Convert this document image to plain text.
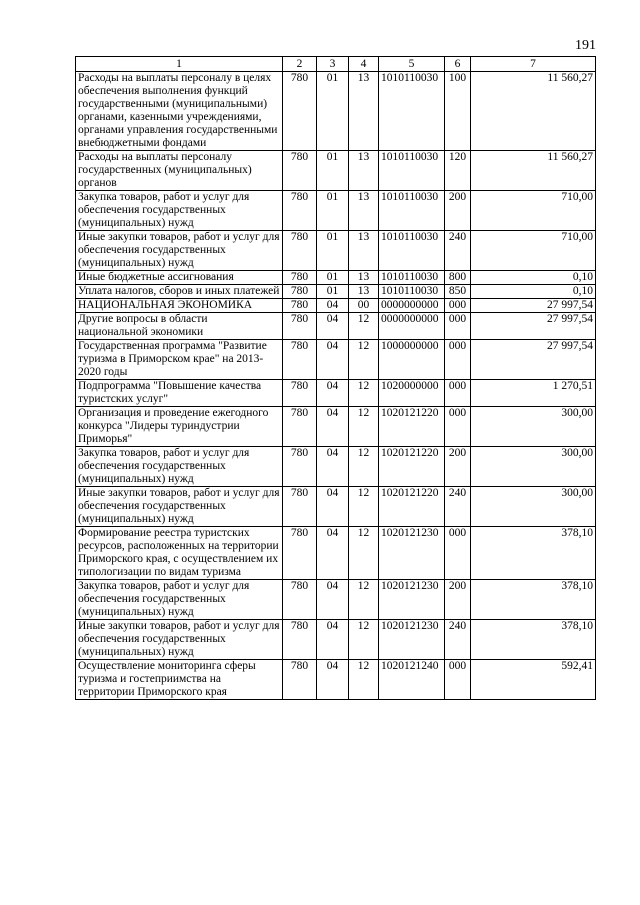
191
1	2	3	4	5	6	7
Расходы на выплаты персоналу в целях обеспечения выполнения функций государственными (муниципальными) органами, казенными учреждениями, органами управления государственными внебюджетными фондами	780	01	13	1010110030	100	11 560,27
Расходы на выплаты персоналу государственных (муниципальных) органов	780	01	13	1010110030	120	11 560,27
Закупка товаров, работ и услуг для обеспечения государственных (муниципальных) нужд	780	01	13	1010110030	200	710,00
Иные закупки товаров, работ и услуг для обеспечения государственных (муниципальных) нужд	780	01	13	1010110030	240	710,00
Иные бюджетные ассигнования	780	01	13	1010110030	800	0,10
Уплата налогов, сборов и иных платежей	780	01	13	1010110030	850	0,10
НАЦИОНАЛЬНАЯ ЭКОНОМИКА	780	04	00	0000000000	000	27 997,54
Другие вопросы в области национальной экономики	780	04	12	0000000000	000	27 997,54
Государственная программа "Развитие туризма в Приморском крае" на 2013-2020 годы	780	04	12	1000000000	000	27 997,54
Подпрограмма "Повышение качества туристских услуг"	780	04	12	1020000000	000	1 270,51
Организация и проведение ежегодного конкурса "Лидеры туриндустрии Приморья"	780	04	12	1020121220	000	300,00
Закупка товаров, работ и услуг для обеспечения государственных (муниципальных) нужд	780	04	12	1020121220	200	300,00
Иные закупки товаров, работ и услуг для обеспечения государственных (муниципальных) нужд	780	04	12	1020121220	240	300,00
Формирование реестра туристских ресурсов, расположенных на территории Приморского края, с осуществлением их типологизации по видам туризма	780	04	12	1020121230	000	378,10
Закупка товаров, работ и услуг для обеспечения государственных (муниципальных) нужд	780	04	12	1020121230	200	378,10
Иные закупки товаров, работ и услуг для обеспечения государственных (муниципальных) нужд	780	04	12	1020121230	240	378,10
Осуществление мониторинга сферы туризма и гостеприимства на территории Приморского края	780	04	12	1020121240	000	592,41
